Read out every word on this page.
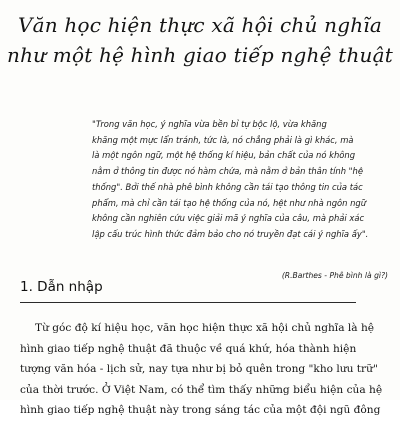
Văn học hiện thực xã hội chủ nghĩa
như một hệ hình giao tiếp nghệ thuật
"Trong văn học, ý nghĩa vừa bền bỉ tự bộc lộ, vừa khăng
khăng một mực lẩn tránh, tức là, nó chẳng phải là gì khác, mà
là một ngôn ngữ, một hệ thống kí hiệu, bản chất của nó không
nằm ở thông tin được nó hàm chứa, mà nằm ở bản thân tính "hệ
thống". Bởi thế nhà phê bình không cần tái tạo thông tin của tác
phẩm, mà chỉ cần tái tạo hệ thống của nó, hệt như nhà ngôn ngữ
không cần nghiên cứu việc giải mã ý nghĩa của câu, mà phải xác
lập cấu trúc hình thức đảm bảo cho nó truyền đạt cái ý nghĩa ấy".
(R.Barthes - Phê bình là gì?)
1. Dẫn nhập
Từ góc độ kí hiệu học, văn học hiện thực xã hội chủ nghĩa là hệ
hình giao tiếp nghệ thuật đã thuộc về quá khứ, hóa thành hiện
tượng văn hóa - lịch sử, nay tựa như bị bỏ quên trong "kho lưu trữ"
của thời trước. Ở Việt Nam, có thể tìm thấy những biểu hiện của hệ
hình giao tiếp nghệ thuật này trong sáng tác của một đội ngũ đông
